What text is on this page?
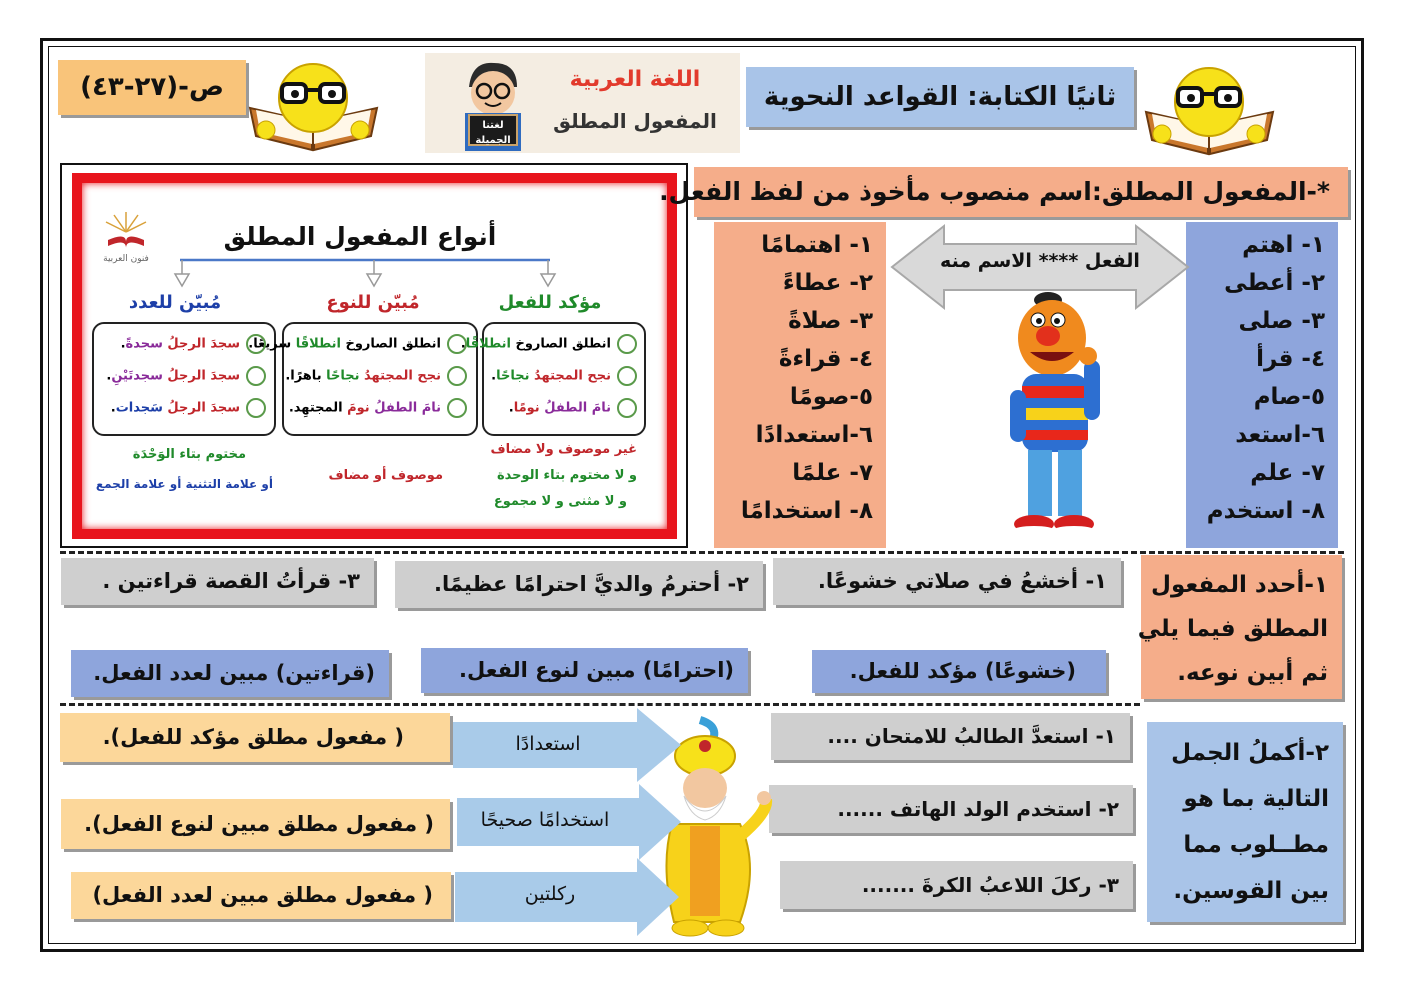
ص-(٢٧-٤٣)	اللغة العربية
المفعول المطلق
لغتنا الجميلة
ثانيًا الكتابة: القواعد النحوية
أنواع المفعول المطلق
فنون العربية
مؤكد للفعل
مُبيّن للنوع
مُبيّن للعدد
انطلق الصاروخ انطلاقًا.
نجح المجتهدُ نجاحًا.
نامَ الطفلُ نومًا.
انطلق الصاروخ انطلاقًا سريعًا.
نجح المجتهدُ نجاحًا باهرًا.
نامَ الطفلُ نومَ المجتهِد.
سجدَ الرجلُ سجدةً.
سجدَ الرجلُ سجدتَيْنِ.
سجدَ الرجلُ سَجدات.
غير موصوف ولا مضاف
و لا مختوم بتاء الوحدة
و لا مثنى و لا مجموع
موصوف أو مضاف
مختوم بتاء الوَحْدَة
أو علامة التثنية أو علامة الجمع
*-المفعول المطلق:اسم منصوب مأخوذ من لفظ الفعل.
١- اهتم
٢- أعطى
٣- صلى
٤- قرأ
٥-صام
٦-استعد
٧- علم
٨- استخدم
١- اهتمامًا
٢- عطاءً
٣- صلاةً
٤- قراءةً
٥-صومًا
٦-استعدادًا
٧- علمًا
٨- استخدامًا
الفعل **** الاسم منه
١-أحدد المفعول
المطلق فيما يلي
ثم أبين نوعه.
١- أخشعُ في صلاتي خشوعًا.
٢- أحترمُ والديَّ احترامًا عظيمًا.
٣- قرأتُ القصة قراءتين .
(خشوعًا) مؤكد للفعل.
(احترامًا) مبين لنوع الفعل.
(قراءتين) مبين لعدد الفعل.
٢-أكملُ الجمل
التالية بما هو
مطــلوب مما
بين القوسين.
١- استعدَّ الطالبُ للامتحان ....
٢- استخدم الولد الهاتف ......
٣- ركلَ اللاعبُ الكرةَ .......
استعدادًا
استخدامًا صحيحًا
ركلتين
( مفعول مطلق مؤكد للفعل).
( مفعول مطلق مبين لنوع الفعل).
( مفعول مطلق مبين لعدد الفعل)
